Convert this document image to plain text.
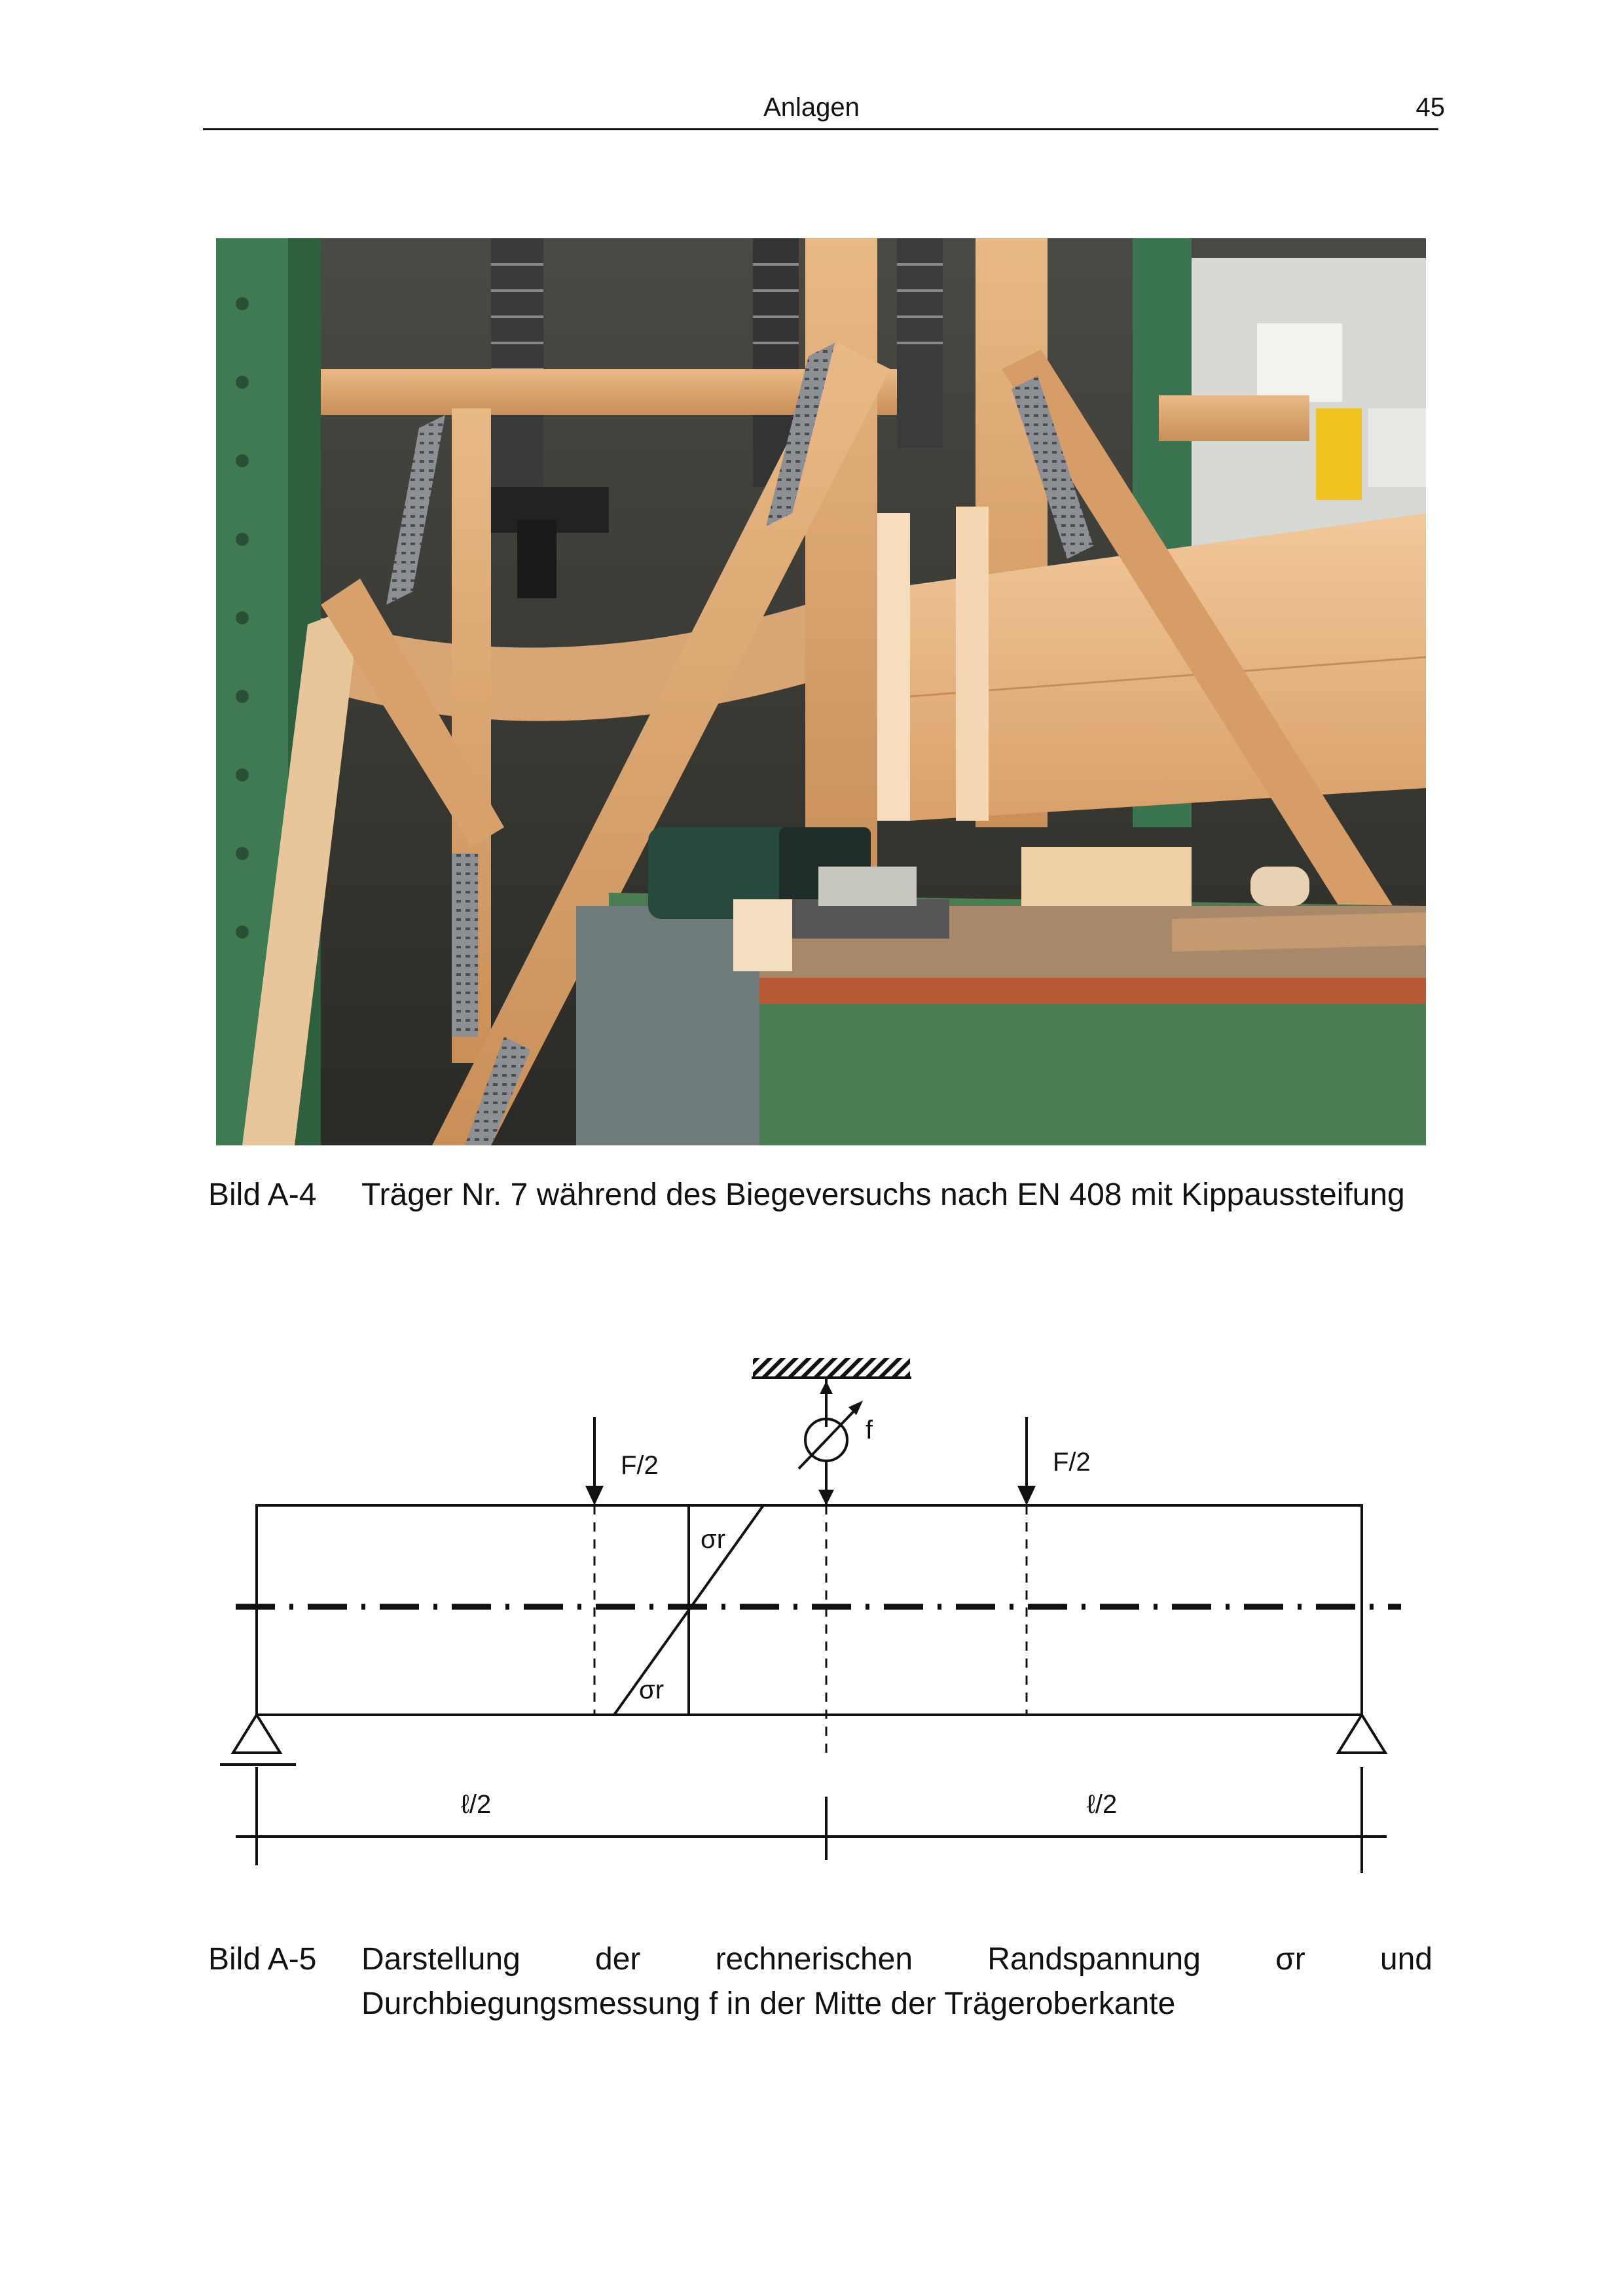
Anlagen	45
Bild A-4 Träger Nr. 7 während des Biegeversuchs nach EN 408 mit Kippaussteifung
f
F/2	F/2
σr
σr
ℓ/2	ℓ/2
Bild A-5 Darstellung der rechnerischen Randspannung σr und Durchbiegungsmessung f in der Mitte der Trägeroberkante
